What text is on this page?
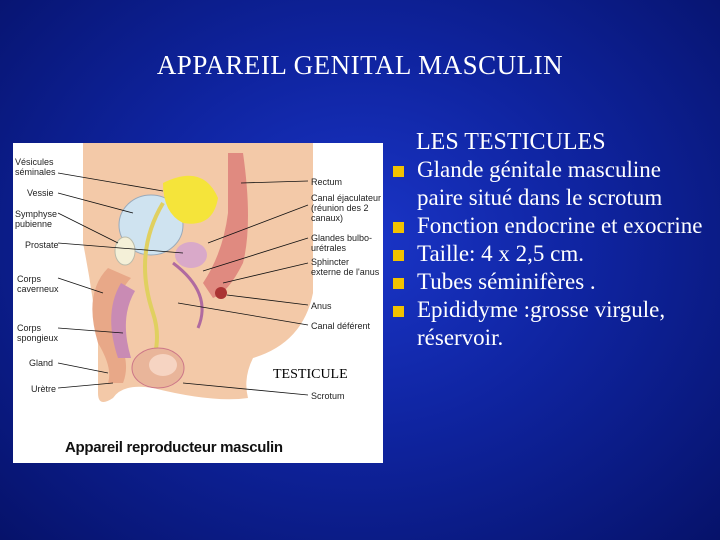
APPAREIL GENITAL MASCULIN
Vésicules séminales
Vessie
Symphyse pubienne
Prostate
Corps caverneux
Corps spongieux
Gland
Urètre
Rectum
Canal éjaculateur (réunion des 2 canaux)
Glandes bulbo-urétrales
Sphincter externe de l'anus
Anus
Canal déférent
Scrotum
TESTICULE
Appareil reproducteur masculin
LES TESTICULES
Glande génitale masculine paire situé dans le scrotum
Fonction endocrine et exocrine
Taille: 4 x 2,5 cm.
Tubes séminifères .
Epididyme :grosse virgule, réservoir.
